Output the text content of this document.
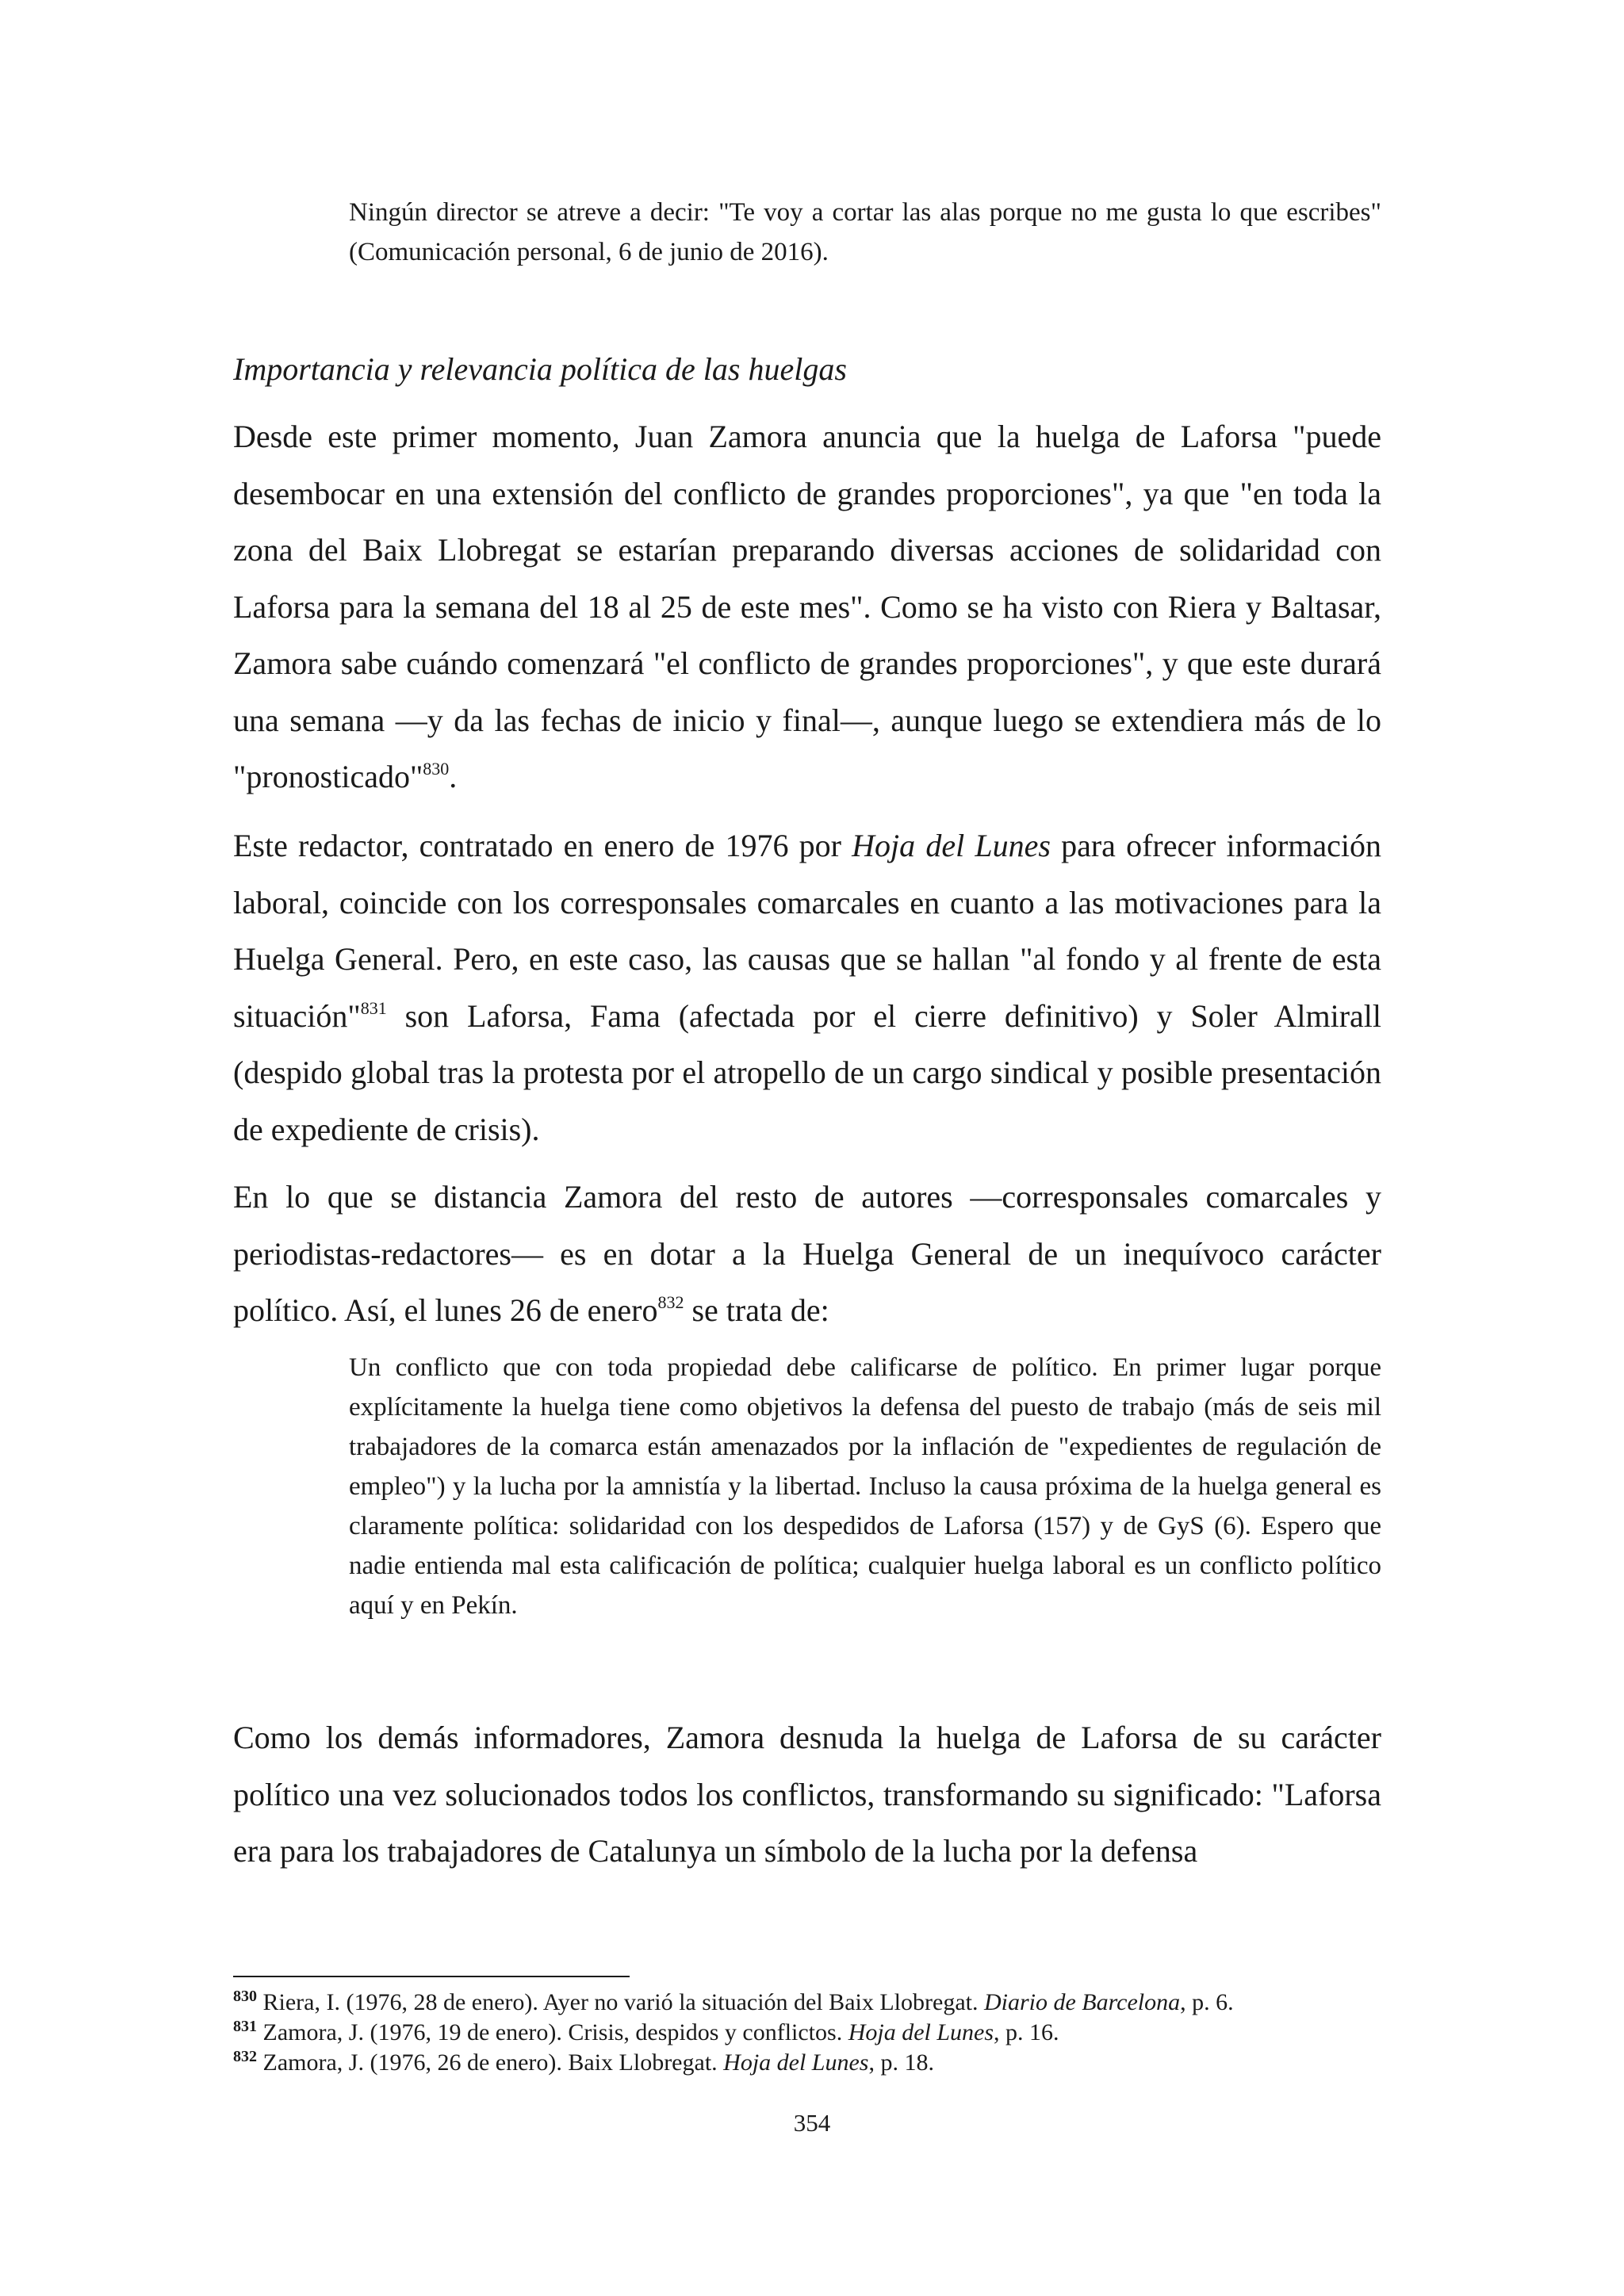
Ningún director se atreve a decir: "Te voy a cortar las alas porque no me gusta lo que escribes" (Comunicación personal, 6 de junio de 2016).

Importancia y relevancia política de las huelgas

Desde este primer momento, Juan Zamora anuncia que la huelga de Laforsa "puede desembocar en una extensión del conflicto de grandes proporciones", ya que "en toda la zona del Baix Llobregat se estarían preparando diversas acciones de solidaridad con Laforsa para la semana del 18 al 25 de este mes". Como se ha visto con Riera y Baltasar, Zamora sabe cuándo comenzará "el conflicto de grandes proporciones", y que este durará una semana —y da las fechas de inicio y final—, aunque luego se extendiera más de lo "pronosticado"$^{830}$.

Este redactor, contratado en enero de 1976 por Hoja del Lunes para ofrecer información laboral, coincide con los corresponsales comarcales en cuanto a las motivaciones para la Huelga General. Pero, en este caso, las causas que se hallan "al fondo y al frente de esta situación"$^{831}$ son Laforsa, Fama (afectada por el cierre definitivo) y Soler Almirall (despido global tras la protesta por el atropello de un cargo sindical y posible presentación de expediente de crisis).

En lo que se distancia Zamora del resto de autores —corresponsales comarcales y periodistas-redactores— es en dotar a la Huelga General de un inequívoco carácter político. Así, el lunes 26 de enero$^{832}$ se trata de:

Un conflicto que con toda propiedad debe calificarse de político. En primer lugar porque explícitamente la huelga tiene como objetivos la defensa del puesto de trabajo (más de seis mil trabajadores de la comarca están amenazados por la inflación de "expedientes de regulación de empleo") y la lucha por la amnistía y la libertad. Incluso la causa próxima de la huelga general es claramente política: solidaridad con los despedidos de Laforsa (157) y de GyS (6). Espero que nadie entienda mal esta calificación de política; cualquier huelga laboral es un conflicto político aquí y en Pekín.

Como los demás informadores, Zamora desnuda la huelga de Laforsa de su carácter político una vez solucionados todos los conflictos, transformando su significado: "Laforsa era para los trabajadores de Catalunya un símbolo de la lucha por la defensa

$^{830}$ Riera, I. (1976, 28 de enero). Ayer no varió la situación del Baix Llobregat. Diario de Barcelona, p. 6.

$^{831}$ Zamora, J. (1976, 19 de enero). Crisis, despidos y conflictos. Hoja del Lunes, p. 16.

$^{832}$ Zamora, J. (1976, 26 de enero). Baix Llobregat. Hoja del Lunes, p. 18.

354
